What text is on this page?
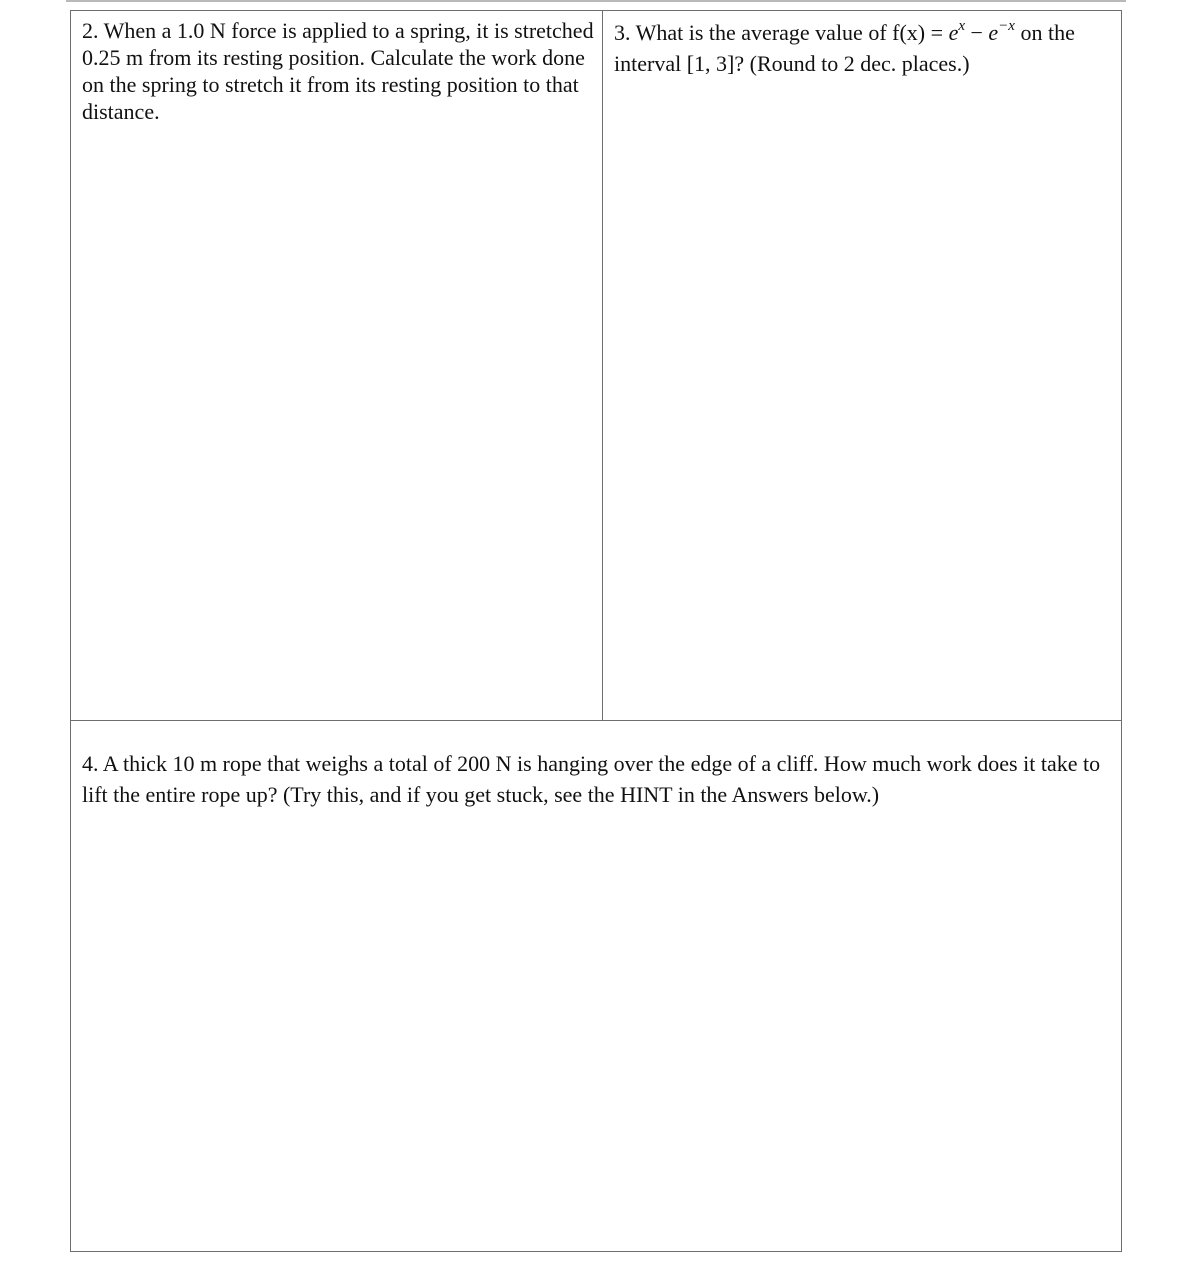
2. When a 1.0 N force is applied to a spring, it is stretched 0.25 m from its resting position. Calculate the work done on the spring to stretch it from its resting position to that distance.

3. What is the average value of $f(x) = e^x - e^{-x}$ on the interval [1, 3]? (Round to 2 dec. places.)

4. A thick 10 m rope that weighs a total of 200 N is hanging over the edge of a cliff. How much work does it take to lift the entire rope up? (Try this, and if you get stuck, see the HINT in the Answers below.)
